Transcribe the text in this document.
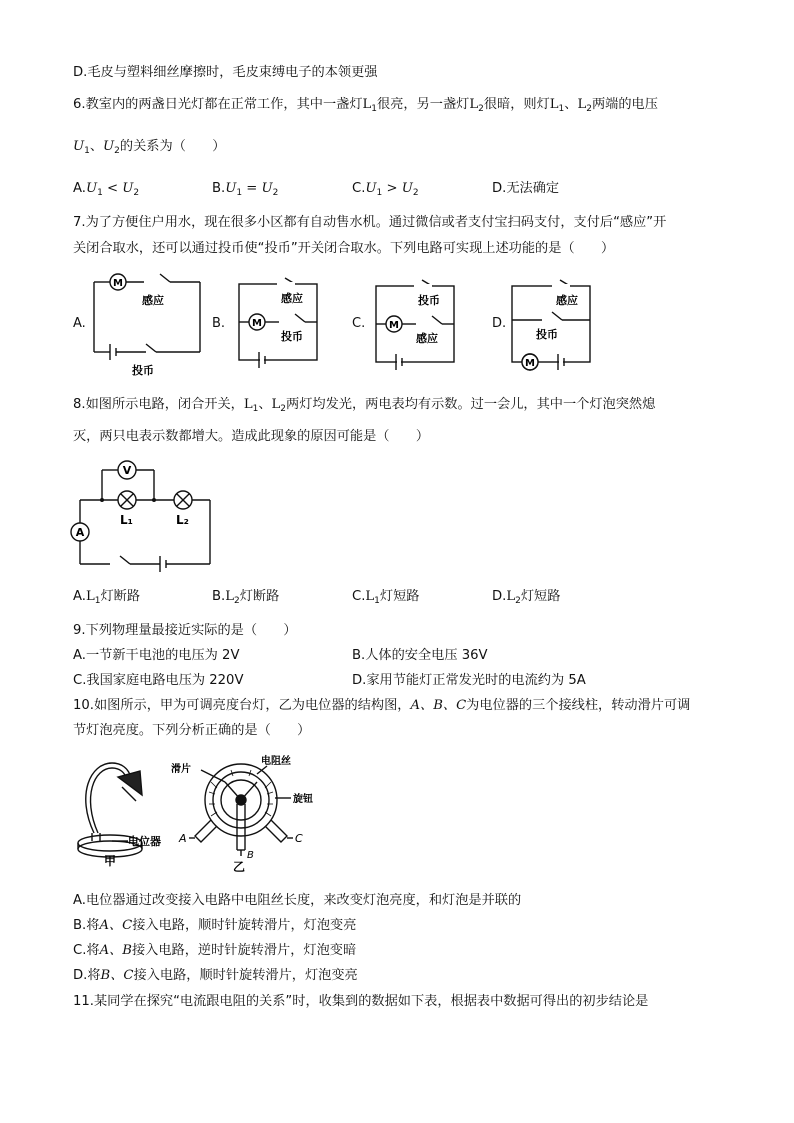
D.毛皮与塑料细丝摩擦时，毛皮束缚电子的本领更强
6.教室内的两盏日光灯都在正常工作，其中一盏灯$L_1$很亮，另一盏灯$L_2$很暗，则灯$L_1$、$L_2$两端的电压
$U_1$、$U_2$的关系为（　　）
$A.U_1 < U_2$	$B.U_1 = U_2$	$C.U_1 > U_2$	D.无法确定
7.为了方便住户用水，现在很多小区都有自动售水机。通过微信或者支付宝扫码支付，支付后“感应”开
关闭合取水，还可以通过投币使“投币”开关闭合取水。下列电路可实现上述功能的是（　　）
A.
M
感应
投币
B.	M
感应
投币
C. M
投币
感应
D.
M
感应
投币
8.如图所示电路，闭合开关，$L_1$、$L_2$两灯均发光，两电表均有示数。过一会儿，其中一个灯泡突然熄
灭，两只电表示数都增大。造成此现象的原因可能是（　　）
V
A
L₁	L₂
$A.L_1$灯断路	$B.L_2$灯断路	$C.L_1$灯短路	$D.L_2$灯短路
9.下列物理量最接近实际的是（　　）
A.一节新干电池的电压为 2V	B.人体的安全电压 36V
C.我国家庭电路电压为 220V	D.家用节能灯正常发光时的电流约为 5A
10.如图所示，甲为可调亮度台灯，乙为电位器的结构图，A、B、C为电位器的三个接线柱，转动滑片可调
节灯泡亮度。下列分析正确的是（　　）
电位器
甲
滑片
电阻丝
旋钮
A	C
B
乙
A.电位器通过改变接入电路中电阻丝长度，来改变灯泡亮度，和灯泡是并联的
B.将A、C接入电路，顺时针旋转滑片，灯泡变亮
C.将A、B接入电路，逆时针旋转滑片，灯泡变暗
D.将B、C接入电路，顺时针旋转滑片，灯泡变亮
11.某同学在探究“电流跟电阻的关系”时，收集到的数据如下表，根据表中数据可得出的初步结论是
